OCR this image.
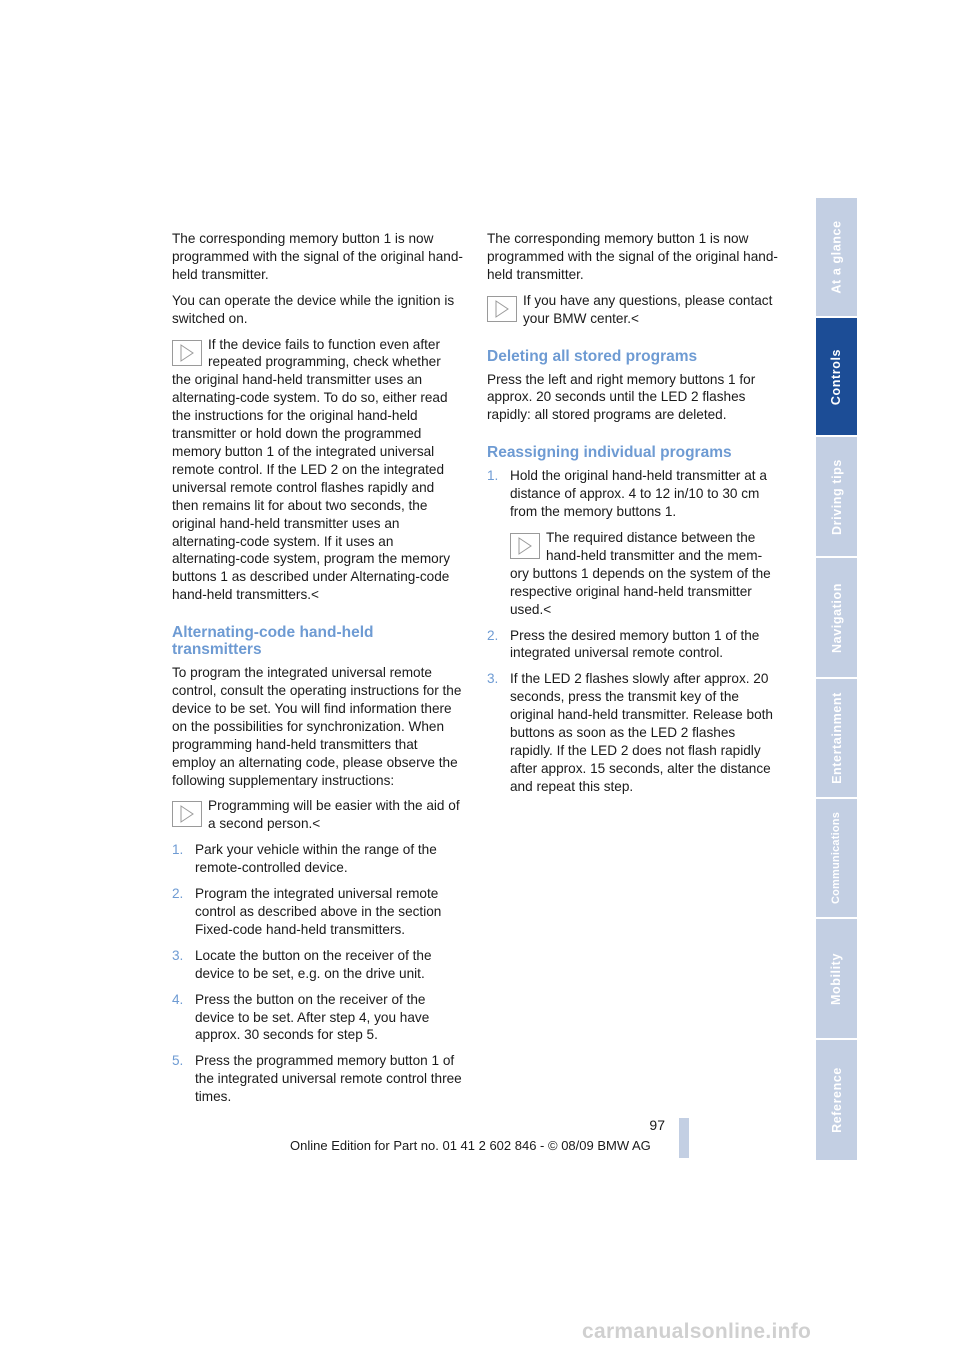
The corresponding memory button 1 is now programmed with the signal of the original hand-held transmitter.

You can operate the device while the ignition is switched on.

If the device fails to function even after repeated programming, check whether
the original hand-held transmitter uses an alternating-code system. To do so, either read the instructions for the original hand-held transmitter or hold down the programmed memory button 1 of the integrated universal remote control. If the LED 2 on the integrated universal remote control flashes rapidly and then remains lit for about two seconds, the original hand-held transmitter uses an alternating-code system. If it uses an alternating-code system, program the memory buttons 1 as described under Alternating-code hand-held transmitters.<
Alternating-code hand-held transmitters

To program the integrated universal remote control, consult the operating instructions for the device to be set. You will find information there on the possibilities for synchronization. When programming hand-held transmitters that employ an alternating code, please observe the following supplementary instructions:

Programming will be easier with the aid of a second person.<
1. Park your vehicle within the range of the remote-controlled device.
2. Program the integrated universal remote control as described above in the section Fixed-code hand-held transmitters.
3. Locate the button on the receiver of the device to be set, e.g. on the drive unit.
4. Press the button on the receiver of the device to be set. After step 4, you have approx. 30 seconds for step 5.
5. Press the programmed memory button 1 of the integrated universal remote control three times.

The corresponding memory button 1 is now programmed with the signal of the original hand-held transmitter.

If you have any questions, please contact your BMW center.<
Deleting all stored programs

Press the left and right memory buttons 1 for approx. 20 seconds until the LED 2 flashes rapidly: all stored programs are deleted.

Reassigning individual programs
1. Hold the original hand-held transmitter at a distance of approx. 4 to 12 in/10 to 30 cm from the memory buttons 1.
The required distance between the hand-held transmitter and the mem-
ory buttons 1 depends on the system of the respective original hand-held transmitter used.<
2. Press the desired memory button 1 of the integrated universal remote control.
3. If the LED 2 flashes slowly after approx. 20 seconds, press the transmit key of the original hand-held transmitter. Release both buttons as soon as the LED 2 flashes rapidly. If the LED 2 does not flash rapidly after approx. 15 seconds, alter the distance and repeat this step.
At a glance
Controls
Driving tips
Navigation
Entertainment
Communications
Mobility
Reference
97
Online Edition for Part no. 01 41 2 602 846 - © 08/09 BMW AG
carmanualsonline.info
